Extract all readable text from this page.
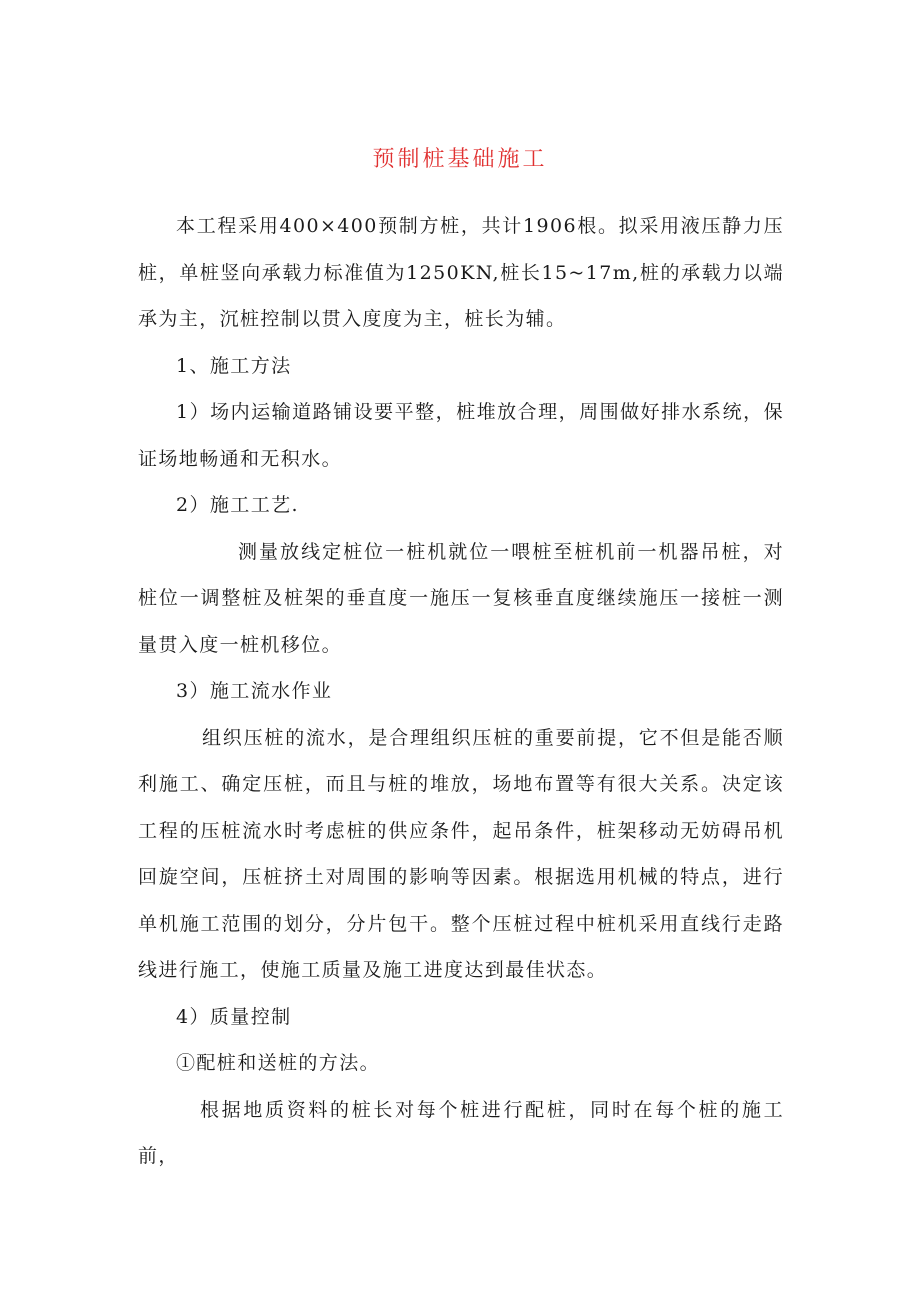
预制桩基础施工

本工程采用400×400预制方桩，共计1906根。拟采用液压静力压桩，单桩竖向承载力标准值为1250KN,桩长15~17m,桩的承载力以端承为主，沉桩控制以贯入度度为主，桩长为辅。

1、施工方法

1）场内运输道路铺设要平整，桩堆放合理，周围做好排水系统，保证场地畅通和无积水。

2）施工工艺.

测量放线定桩位一桩机就位一喂桩至桩机前一机器吊桩，对桩位一调整桩及桩架的垂直度一施压一复核垂直度继续施压一接桩一测量贯入度一桩机移位。

3）施工流水作业

组织压桩的流水，是合理组织压桩的重要前提，它不但是能否顺利施工、确定压桩，而且与桩的堆放，场地布置等有很大关系。决定该工程的压桩流水时考虑桩的供应条件，起吊条件，桩架移动无妨碍吊机回旋空间，压桩挤土对周围的影响等因素。根据选用机械的特点，进行单机施工范围的划分，分片包干。整个压桩过程中桩机采用直线行走路线进行施工，使施工质量及施工进度达到最佳状态。

4）质量控制

①配桩和送桩的方法。

根据地质资料的桩长对每个桩进行配桩，同时在每个桩的施工前，
